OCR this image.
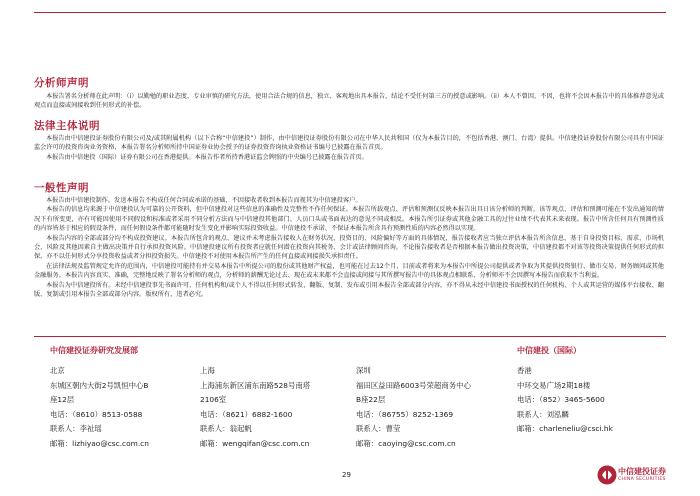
分析师声明

本报告署名分析师在此声明：（i）以勤勉的职业态度、专业审慎的研究方法，使用合法合规的信息，独立、客观地出具本报告，结论不受任何第三方的授意或影响。（ii）本人不曾因，不因，也将不会因本报告中的具体推荐意见或观点而直接或间接收到任何形式的补偿。

法律主体说明

本报告由中信建投证券股份有限公司及/或其附属机构（以下合称“中信建投”）制作，由中信建投证券股份有限公司在中华人民共和国（仅为本报告目的，不包括香港、澳门、台湾）提供。中信建投证券股份有限公司具有中国证监会许可的投资咨询业务资格，本报告署名分析师所持中国证券业协会授予的证券投资咨询执业资格证书编号已披露在报告首页。

本报告由中信建投（国际）证券有限公司在香港提供。本报告作者所持香港证监会牌照的中央编号已披露在报告首页。

一般性声明

本报告由中信建投制作。发送本报告不构成任何合同或承诺的基础，不因接收者收到本报告而视其为中信建投客户。

本报告的信息均来源于中信建投认为可靠的公开资料，但中信建投对这些信息的准确性及完整性不作任何保证。本报告所载观点、评估和预测仅反映本报告出具日该分析师的判断，该等观点、评估和预测可能在不发出通知的情况下有所变更，亦有可能因使用不同假设和标准或者采用不同分析方法而与中信建投其他部门、人员口头或书面表达的意见不同或相反。本报告所引证券或其他金融工具的过往业绩不代表其未来表现。报告中所含任何具有预测性质的内容皆基于相应的假设条件，而任何假设条件都可能随时发生变化并影响实际投资收益。中信建投不承诺、不保证本报告所含具有预测性质的内容必然得以实现。

本报告内容的全部或部分均不构成投资建议。本报告所包含的观点、建议并未考虑报告接收人在财务状况、投资目的、风险偏好等方面的具体情况，报告接收者应当独立评估本报告所含信息，基于自身投资目标、需求、市场机会、风险及其他因素自主做出决策并自行承担投资风险。中信建投建议所有投资者应就任何潜在投资向其税务、会计或法律顾问咨询。不论报告接收者是否根据本报告做出投资决策，中信建投都不对该等投资决策提供任何形式的担保，亦不以任何形式分享投资收益或者分担投资损失。中信建投不对使用本报告所产生的任何直接或间接损失承担责任。

在法律法规及监管规定允许的范围内，中信建投可能持有并交易本报告中所提公司的股份或其他财产权益，也可能在过去12个月、目前或者将来为本报告中所提公司提供或者争取为其提供投资银行、做市交易、财务顾问或其他金融服务。本报告内容真实、准确，完整地反映了署名分析师的观点，分析师的薪酬无论过去、现在或未来都不会直接或间接与其所撰写报告中的具体观点相联系，分析师亦不会因撰写本报告而获取不当利益。

本报告为中信建投所有。未经中信建投事先书面许可，任何机构和/或个人不得以任何形式转发、翻版、复制、发布或引用本报告全部或部分内容，亦不得从未经中信建投书面授权的任何机构、个人或其运营的媒体平台接收、翻版、复制或引用本报告全部或部分内容。版权所有，违者必究。

中信建投证券研究发展部	中信建投（国际）
北京
东城区朝内大街2号凯恒中心B
座12层
电话：（8610）8513-0588
联系人：李祉瑶
邮箱：lizhiyao@csc.com.cn
上海
上海浦东新区浦东南路528号南塔
2106室
电话：（8621）6882-1600
联系人：翁起帆
邮箱：wengqifan@csc.com.cn
深圳
福田区益田路6003号荣超商务中心
B座22层
电话：（86755）8252-1369
联系人：曹莹
邮箱：caoying@csc.com.cn
香港
中环交易广场2期18楼
电话：（852）3465-5600
联系人：刘泓麟
邮箱：charleneliu@csci.hk
29	中信建投证券
CHINA SECURITIES
